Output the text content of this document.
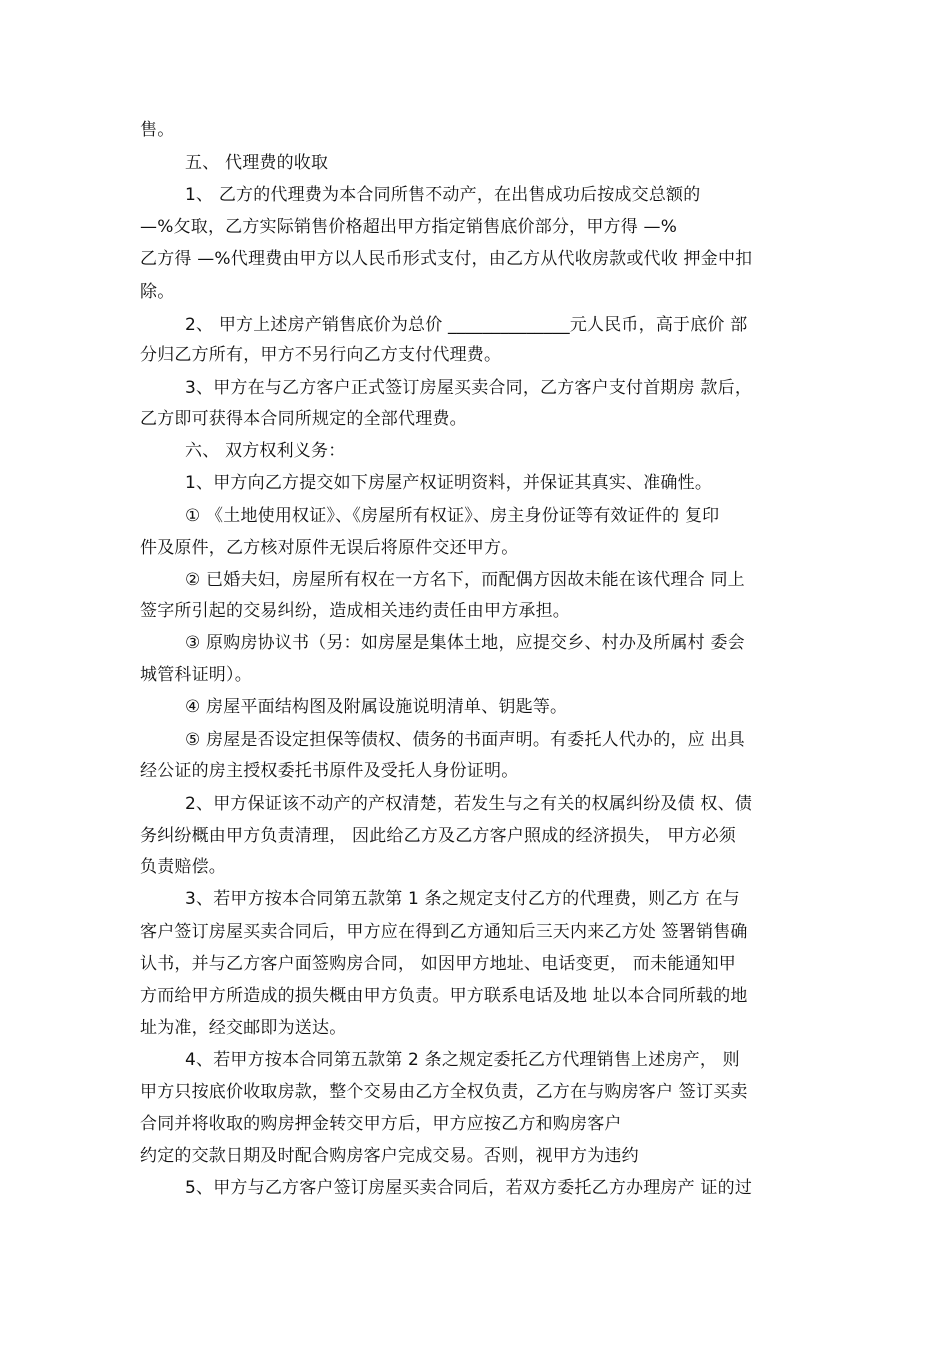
售。
五、 代理费的收取
1、 乙方的代理费为本合同所售不动产，在出售成功后按成交总额的
—%攵取，乙方实际销售价格超出甲方指定销售底价部分，甲方得 —%
乙方得 —%代理费由甲方以人民币形式支付，由乙方从代收房款或代收 押金中扣
除。
2、 甲方上述房产销售底价为总价 ______________元人民币，高于底价 部
分归乙方所有，甲方不另行向乙方支付代理费。
3、甲方在与乙方客户正式签订房屋买卖合同，乙方客户支付首期房 款后，
乙方即可获得本合同所规定的全部代理费。
六、 双方权利义务：
1、甲方向乙方提交如下房屋产权证明资料，并保证其真实、准确性。
① 《土地使用权证》、《房屋所有权证》、房主身份证等有效证件的 复印
件及原件，乙方核对原件无误后将原件交还甲方。
② 已婚夫妇，房屋所有权在一方名下，而配偶方因故未能在该代理合 同上
签字所引起的交易纠纷，造成相关违约责任由甲方承担。
③ 原购房协议书（另：如房屋是集体土地，应提交乡、村办及所属村 委会
城管科证明）。
④ 房屋平面结构图及附属设施说明清单、钥匙等。
⑤ 房屋是否设定担保等债权、债务的书面声明。有委托人代办的，应 出具
经公证的房主授权委托书原件及受托人身份证明。
2、甲方保证该不动产的产权清楚，若发生与之有关的权属纠纷及债 权、债
务纠纷概由甲方负责清理， 因此给乙方及乙方客户照成的经济损失， 甲方必须
负责赔偿。
3、若甲方按本合同第五款第 1 条之规定支付乙方的代理费，则乙方 在与
客户签订房屋买卖合同后，甲方应在得到乙方通知后三天内来乙方处 签署销售确
认书，并与乙方客户面签购房合同， 如因甲方地址、电话变更， 而未能通知甲
方而给甲方所造成的损失概由甲方负责。甲方联系电话及地 址以本合同所载的地
址为准，经交邮即为送达。
4、若甲方按本合同第五款第 2 条之规定委托乙方代理销售上述房产， 则
甲方只按底价收取房款，整个交易由乙方全权负责，乙方在与购房客户 签订买卖
合同并将收取的购房押金转交甲方后，甲方应按乙方和购房客户
约定的交款日期及时配合购房客户完成交易。否则，视甲方为违约
5、甲方与乙方客户签订房屋买卖合同后，若双方委托乙方办理房产 证的过
